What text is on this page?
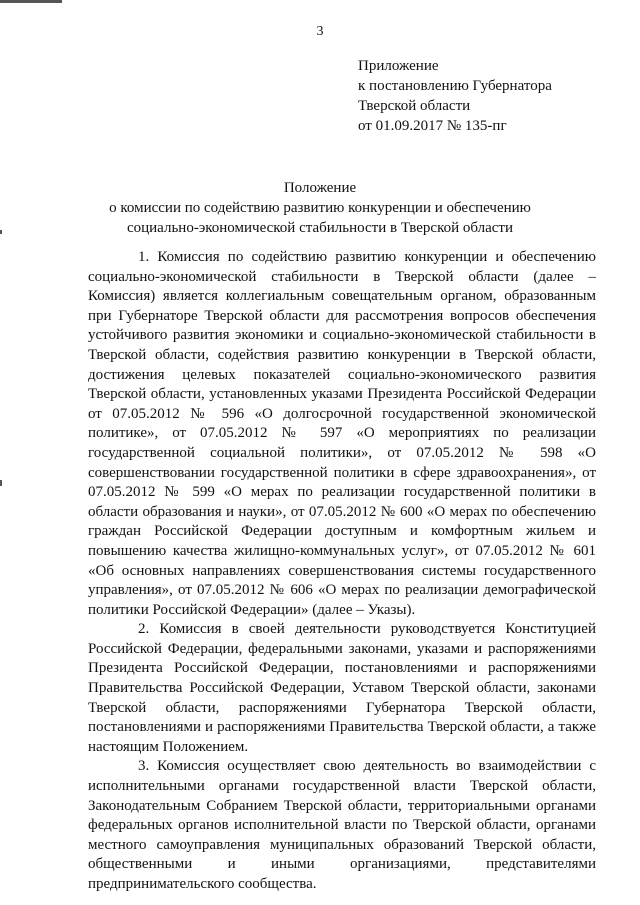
3
Приложение
к постановлению Губернатора
Тверской области
от 01.09.2017 № 135-пг
Положение
о комиссии по содействию развитию конкуренции и обеспечению
социально-экономической стабильности в Тверской области

1. Комиссия по содействию развитию конкуренции и обеспечению социально-экономической стабильности в Тверской области (далее – Комиссия) является коллегиальным совещательным органом, образованным при Губернаторе Тверской области для рассмотрения вопросов обеспечения устойчивого развития экономики и социально-экономической стабильности в Тверской области, содействия развитию конкуренции в Тверской области, достижения целевых показателей социально-экономического развития Тверской области, установленных указами Президента Российской Федерации от 07.05.2012 № 596 «О долгосрочной государственной экономической политике», от 07.05.2012 № 597 «О мероприятиях по реализации государственной социальной политики», от 07.05.2012 № 598 «О совершенствовании государственной политики в сфере здравоохранения», от 07.05.2012 № 599 «О мерах по реализации государственной политики в области образования и науки», от 07.05.2012 № 600 «О мерах по обеспечению граждан Российской Федерации доступным и комфортным жильем и повышению качества жилищно-коммунальных услуг», от 07.05.2012 № 601 «Об основных направлениях совершенствования системы государственного управления», от 07.05.2012 № 606 «О мерах по реализации демографической политики Российской Федерации» (далее – Указы).

2. Комиссия в своей деятельности руководствуется Конституцией Российской Федерации, федеральными законами, указами и распоряжениями Президента Российской Федерации, постановлениями и распоряжениями Правительства Российской Федерации, Уставом Тверской области, законами Тверской области, распоряжениями Губернатора Тверской области, постановлениями и распоряжениями Правительства Тверской области, а также настоящим Положением.

3. Комиссия осуществляет свою деятельность во взаимодействии с исполнительными органами государственной власти Тверской области, Законодательным Собранием Тверской области, территориальными органами федеральных органов исполнительной власти по Тверской области, органами местного самоуправления муниципальных образований Тверской области, общественными и иными организациями, представителями предпринимательского сообщества.
